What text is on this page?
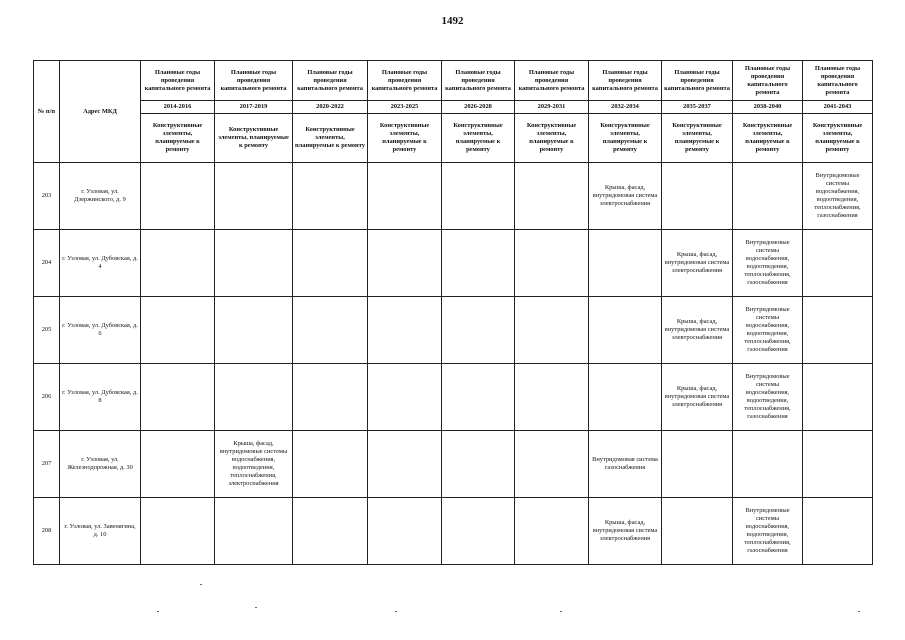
1492
№ п/п	Адрес МКД	Плановые годы проведения капитального ремонта	Плановые годы проведения капитального ремонта	Плановые годы проведения капитального ремонта	Плановые годы проведения капитального ремонта	Плановые годы проведения капитального ремонта	Плановые годы проведения капитального ремонта	Плановые годы проведения капитального ремонта	Плановые годы проведения капитального ремонта	Плановые годы проведения капитального ремонта	Плановые годы проведения капитального ремонта
		2014-2016	2017-2019	2020-2022	2023-2025	2026-2028	2029-2031	2032-2034	2035-2037	2038-2040	2041-2043
		Конструктивные элементы, планируемые к ремонту	Конструктивные элементы, планируемые к ремонту	Конструктивные элементы, планируемые к ремонту	Конструктивные элементы, планируемые к ремонту	Конструктивные элементы, планируемые к ремонту	Конструктивные элементы, планируемые к ремонту	Конструктивные элементы, планируемые к ремонту	Конструктивные элементы, планируемые к ремонту	Конструктивные элементы, планируемые к ремонту	Конструктивные элементы, планируемые к ремонту
203	г. Узловая, ул. Дзержинского, д. 9							Крыша, фасад, внутридомовая система электроснабжения			Внутридомовые системы водоснабжения, водоотведения, теплоснабжения, газоснабжения
204	г. Узловая, ул. Дубовская, д. 4								Крыша, фасад, внутридомовая система электроснабжения	Внутридомовые системы водоснабжения, водоотведения, теплоснабжения, газоснабжения	
205	г. Узловая, ул. Дубовская, д. 6								Крыша, фасад, внутридомовая система электроснабжения	Внутридомовые системы водоснабжения, водоотведения, теплоснабжения, газоснабжения	
206	г. Узловая, ул. Дубовская, д. 8								Крыша, фасад, внутридомовая система электроснабжения	Внутридомовые системы водоснабжения, водоотведения, теплоснабжения, газоснабжения	
207	г. Узловая, ул. Железнодорожная, д. 30		Крыша, фасад, внутридомовые системы водоснабжения, водоотведения, теплоснабжения, электроснабжения					Внутридомовая система газоснабжения			
208	г. Узловая, ул. Завенягина, д. 10							Крыша, фасад, внутридомовая система электроснабжения		Внутридомовые системы водоснабжения, водоотведения, теплоснабжения, газоснабжения	
